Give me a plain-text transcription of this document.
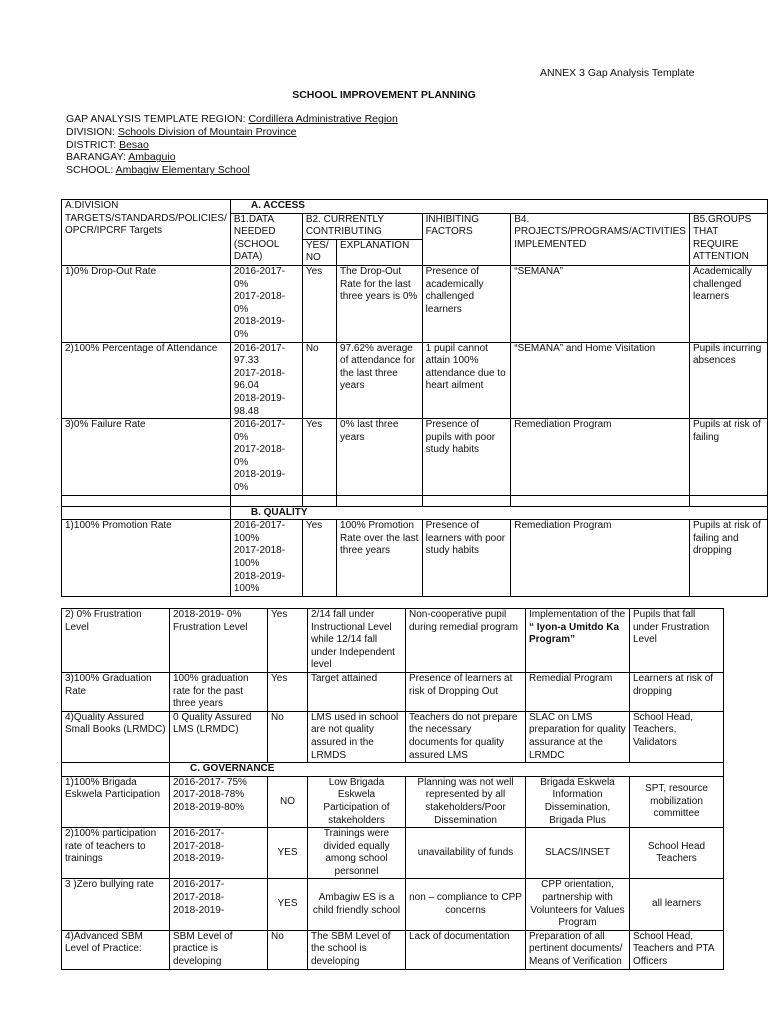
ANNEX 3 Gap Analysis Template
SCHOOL IMPROVEMENT PLANNING
GAP ANALYSIS TEMPLATE REGION: Cordillera Administrative Region
DIVISION: Schools Division of Mountain Province
DISTRICT: Besao
BARANGAY: Ambaguio
SCHOOL: Ambagiw Elementary School
A.DIVISION TARGETS/STANDARDS/POLICIES/ OPCR/IPCRF Targets	A. ACCESS					
	B1.DATA NEEDED (SCHOOL DATA)	B2. CURRENTLY CONTRIBUTING		INHIBITING FACTORS	B4. PROJECTS/PROGRAMS/ACTIVITIES IMPLEMENTED	B5.GROUPS THAT REQUIRE ATTENTION
		YES/ NO	EXPLANATION			
1)0% Drop-Out Rate	2016-2017-0%
2017-2018-0%
2018-2019-0%	Yes	The Drop-Out Rate for the last three years is 0%	Presence of academically challenged learners	“SEMANA”	Academically challenged learners
2)100% Percentage of Attendance	2016-2017- 97.33
2017-2018-96.04
2018-2019- 98.48	No	97.62% average of attendance for the last three years	1 pupil cannot attain 100% attendance due to heart ailment	“SEMANA” and Home Visitation	Pupils incurring absences
3)0% Failure Rate	2016-2017-0%
2017-2018-0%
2018-2019-0%	Yes	0% last three years	Presence of pupils with poor study habits	Remediation Program	Pupils at risk of failing

	B. QUALITY					
1)100% Promotion Rate	2016-2017-100%
2017-2018-100%
2018-2019-100%	Yes	100% Promotion Rate over the last three years	Presence of learners with poor study habits	Remediation Program	Pupils at risk of failing and dropping
2) 0% Frustration Level	2018-2019- 0% Frustration Level	Yes	2/14 fall under Instructional Level while 12/14 fall under Independent level	Non-cooperative pupil during remedial program	Implementation of the
“ Iyon-a Umitdo Ka Program”	Pupils that fall under Frustration Level
3)100% Graduation Rate	100% graduation rate for the past three years	Yes	Target attained	Presence of learners at risk of Dropping Out	Remedial Program	Learners at risk of dropping
4)Quality Assured Small Books (LRMDC)	0 Quality Assured LMS (LRMDC)	No	LMS used in school are not quality assured in the LRMDS	Teachers do not prepare the necessary documents for quality assured LMS	SLAC on LMS preparation for quality assurance at the LRMDC	School Head, Teachers, Validators
	C. GOVERNANCE					
1)100% Brigada Eskwela Participation	2016-2017- 75%
2017-2018-78%
2018-2019-80%	NO	Low Brigada Eskwela Participation of stakeholders	Planning was not well represented by all stakeholders/Poor Dissemination	Brigada Eskwela Information Dissemination, Brigada Plus	SPT, resource mobilization committee
2)100% participation rate of teachers to trainings	2016-2017-
2017-2018-
2018-2019-	YES	Trainings were divided equally among school personnel	unavailability of funds	SLACS/INSET	School Head Teachers
3 )Zero bullying rate	2016-2017-
2017-2018-
2018-2019-	YES	Ambagiw ES is a child friendly school	non – compliance to CPP concerns	CPP orientation, partnership with Volunteers for Values Program	all learners
4)Advanced SBM Level of Practice:	SBM Level of practice is developing	No	The SBM Level of the school is developing	Lack of documentation	Preparation of all pertinent documents/ Means of Verification	School Head, Teachers and PTA Officers
